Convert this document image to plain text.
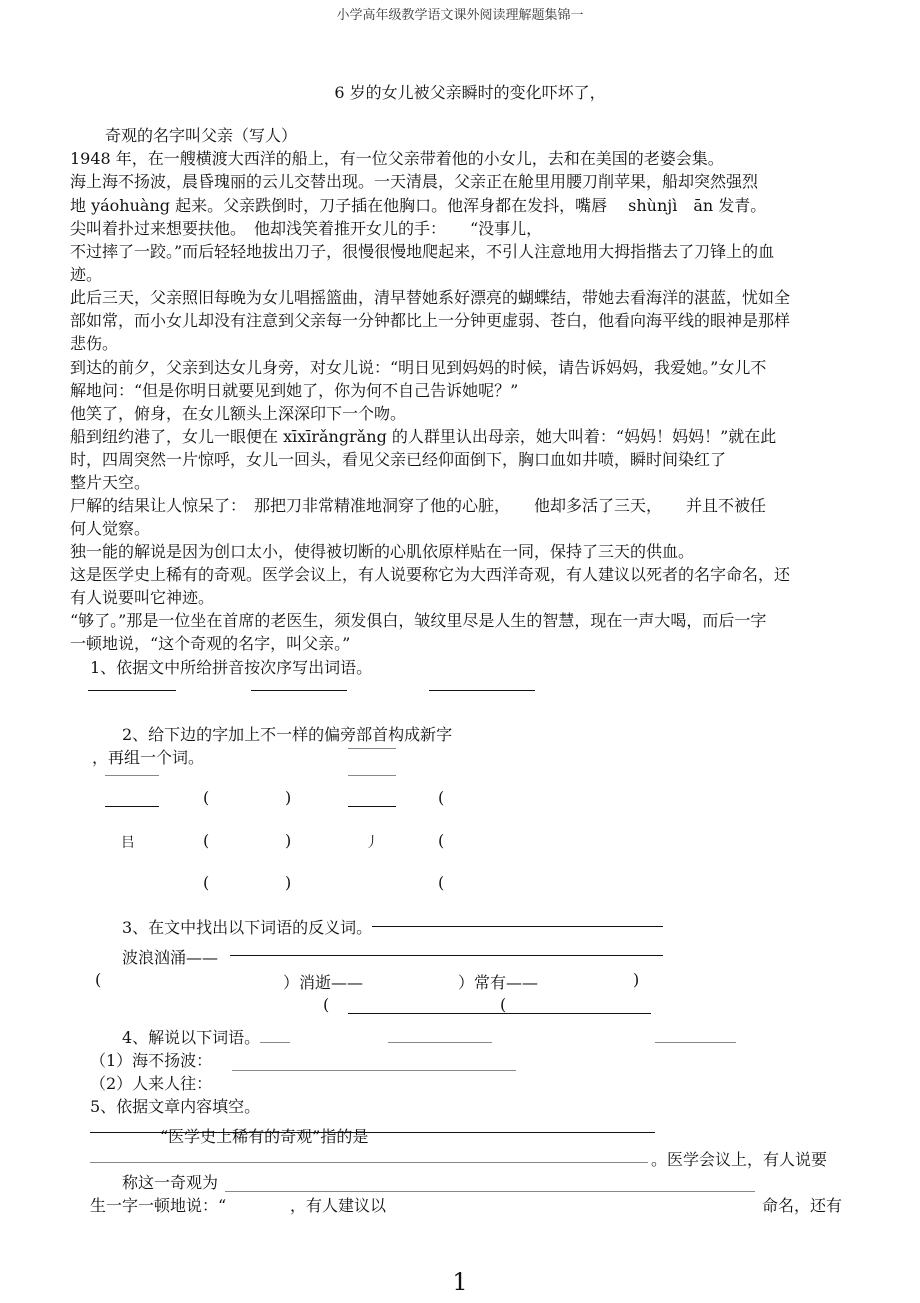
小学高年级教学语文课外阅读理解题集锦一
6 岁的女儿被父亲瞬时的变化吓坏了，
奇观的名字叫父亲（写人）
1948 年，在一艘横渡大西洋的船上，有一位父亲带着他的小女儿，去和在美国的老婆会集。
海上海不扬波，晨昏瑰丽的云儿交替出现。一天清晨，父亲正在舱里用腰刀削苹果，船却突然强烈
地 yáohuàng 起来。父亲跌倒时，刀子插在他胸口。他浑身都在发抖，嘴唇　 shùnjì　ān 发青。
尖叫着扑过来想要扶他。　他却浅笑着推开女儿的手：　　“没事儿，
不过摔了一跤。”而后轻轻地拔出刀子，很慢很慢地爬起来，不引人注意地用大拇指揩去了刀锋上的血
迹。
此后三天，父亲照旧每晚为女儿唱摇篮曲，清早替她系好漂亮的蝴蝶结，带她去看海洋的湛蓝，忧如全
部如常，而小女儿却没有注意到父亲每一分钟都比上一分钟更虚弱、苍白，他看向海平线的眼神是那样
悲伤。
到达的前夕，父亲到达女儿身旁，对女儿说：“明日见到妈妈的时候，请告诉妈妈，我爱她。”女儿不
解地问：“但是你明日就要见到她了，你为何不自己告诉她呢？”
他笑了，俯身，在女儿额头上深深印下一个吻。
船到纽约港了，女儿一眼便在 xīxīrǎngrǎng 的人群里认出母亲，她大叫着：“妈妈！妈妈！”就在此
时，四周突然一片惊呼，女儿一回头，看见父亲已经仰面倒下，胸口血如井喷，瞬时间染红了
整片天空。
尸解的结果让人惊呆了：　那把刀非常精准地洞穿了他的心脏，　　他却多活了三天，　　并且不被任
何人觉察。
独一能的解说是因为创口太小，使得被切断的心肌依原样贴在一同，保持了三天的供血。
这是医学史上稀有的奇观。医学会议上，有人说要称它为大西洋奇观，有人建议以死者的名字命名，还
有人说要叫它神迹。
“够了。”那是一位坐在首席的老医生，须发俱白，皱纹里尽是人生的智慧，现在一声大喝，而后一字
一顿地说，“这个奇观的名字，叫父亲。”
1、依据文中所给拼音按次序写出词语。
2、给下边的字加上不一样的偏旁部首构成新字
，再组一个词。
(	)	(
㠯	(	)	丿	(
(	)	(
3、在文中找出以下词语的反义词。
波浪汹涌——
(	）消逝——	）常有——	)
(	(
4、解说以下词语。
（1）海不扬波：
（2）人来人往：
5、依据文章内容填空。
“医学史上稀有的奇观”指的是
。医学会议上，有人说要
称这一奇观为
生一字一顿地说：“	，有人建议以	命名，还有
1
